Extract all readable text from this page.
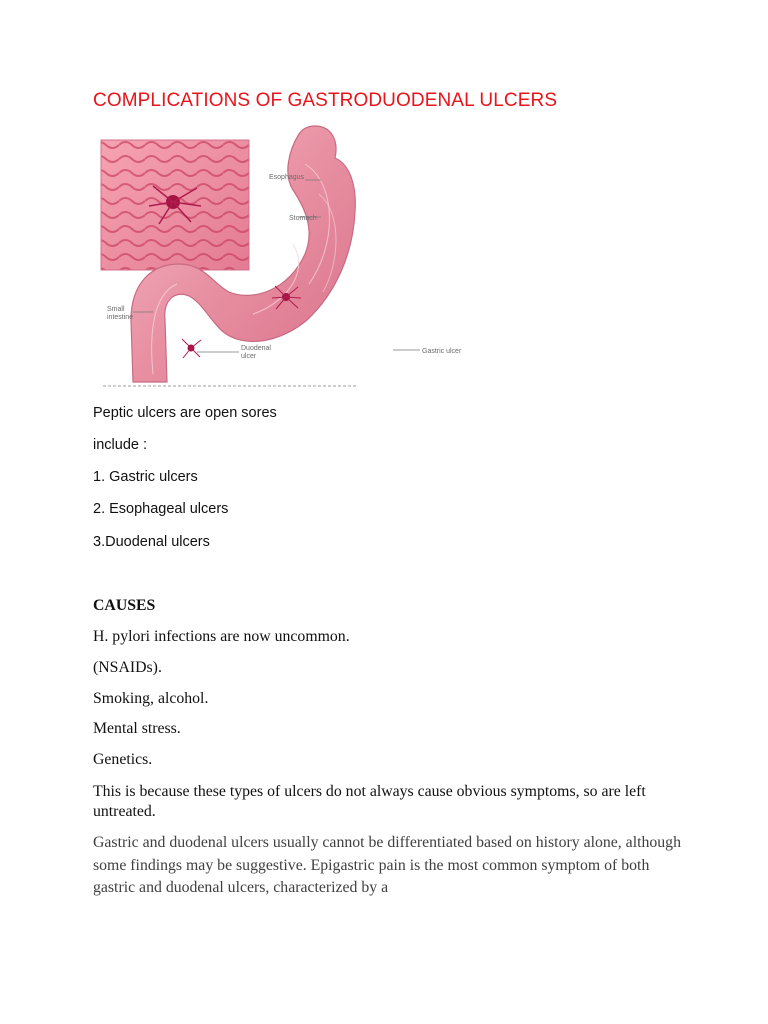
COMPLICATIONS OF GASTRODUODENAL ULCERS
Esophagus
Stomach
Small
intestine
Duodenal
ulcer
Gastric ulcer

Peptic ulcers are open sores

include :

1. Gastric ulcers

2. Esophageal ulcers

3.Duodenal ulcers

CAUSES

H. pylori infections are now uncommon.

(NSAIDs).

Smoking, alcohol.

Mental stress.

Genetics.

This is because these types of ulcers do not always cause obvious symptoms, so are left untreated.

Gastric and duodenal ulcers usually cannot be differentiated based on history alone, although some findings may be suggestive. Epigastric pain is the most common symptom of both gastric and duodenal ulcers, characterized by a
